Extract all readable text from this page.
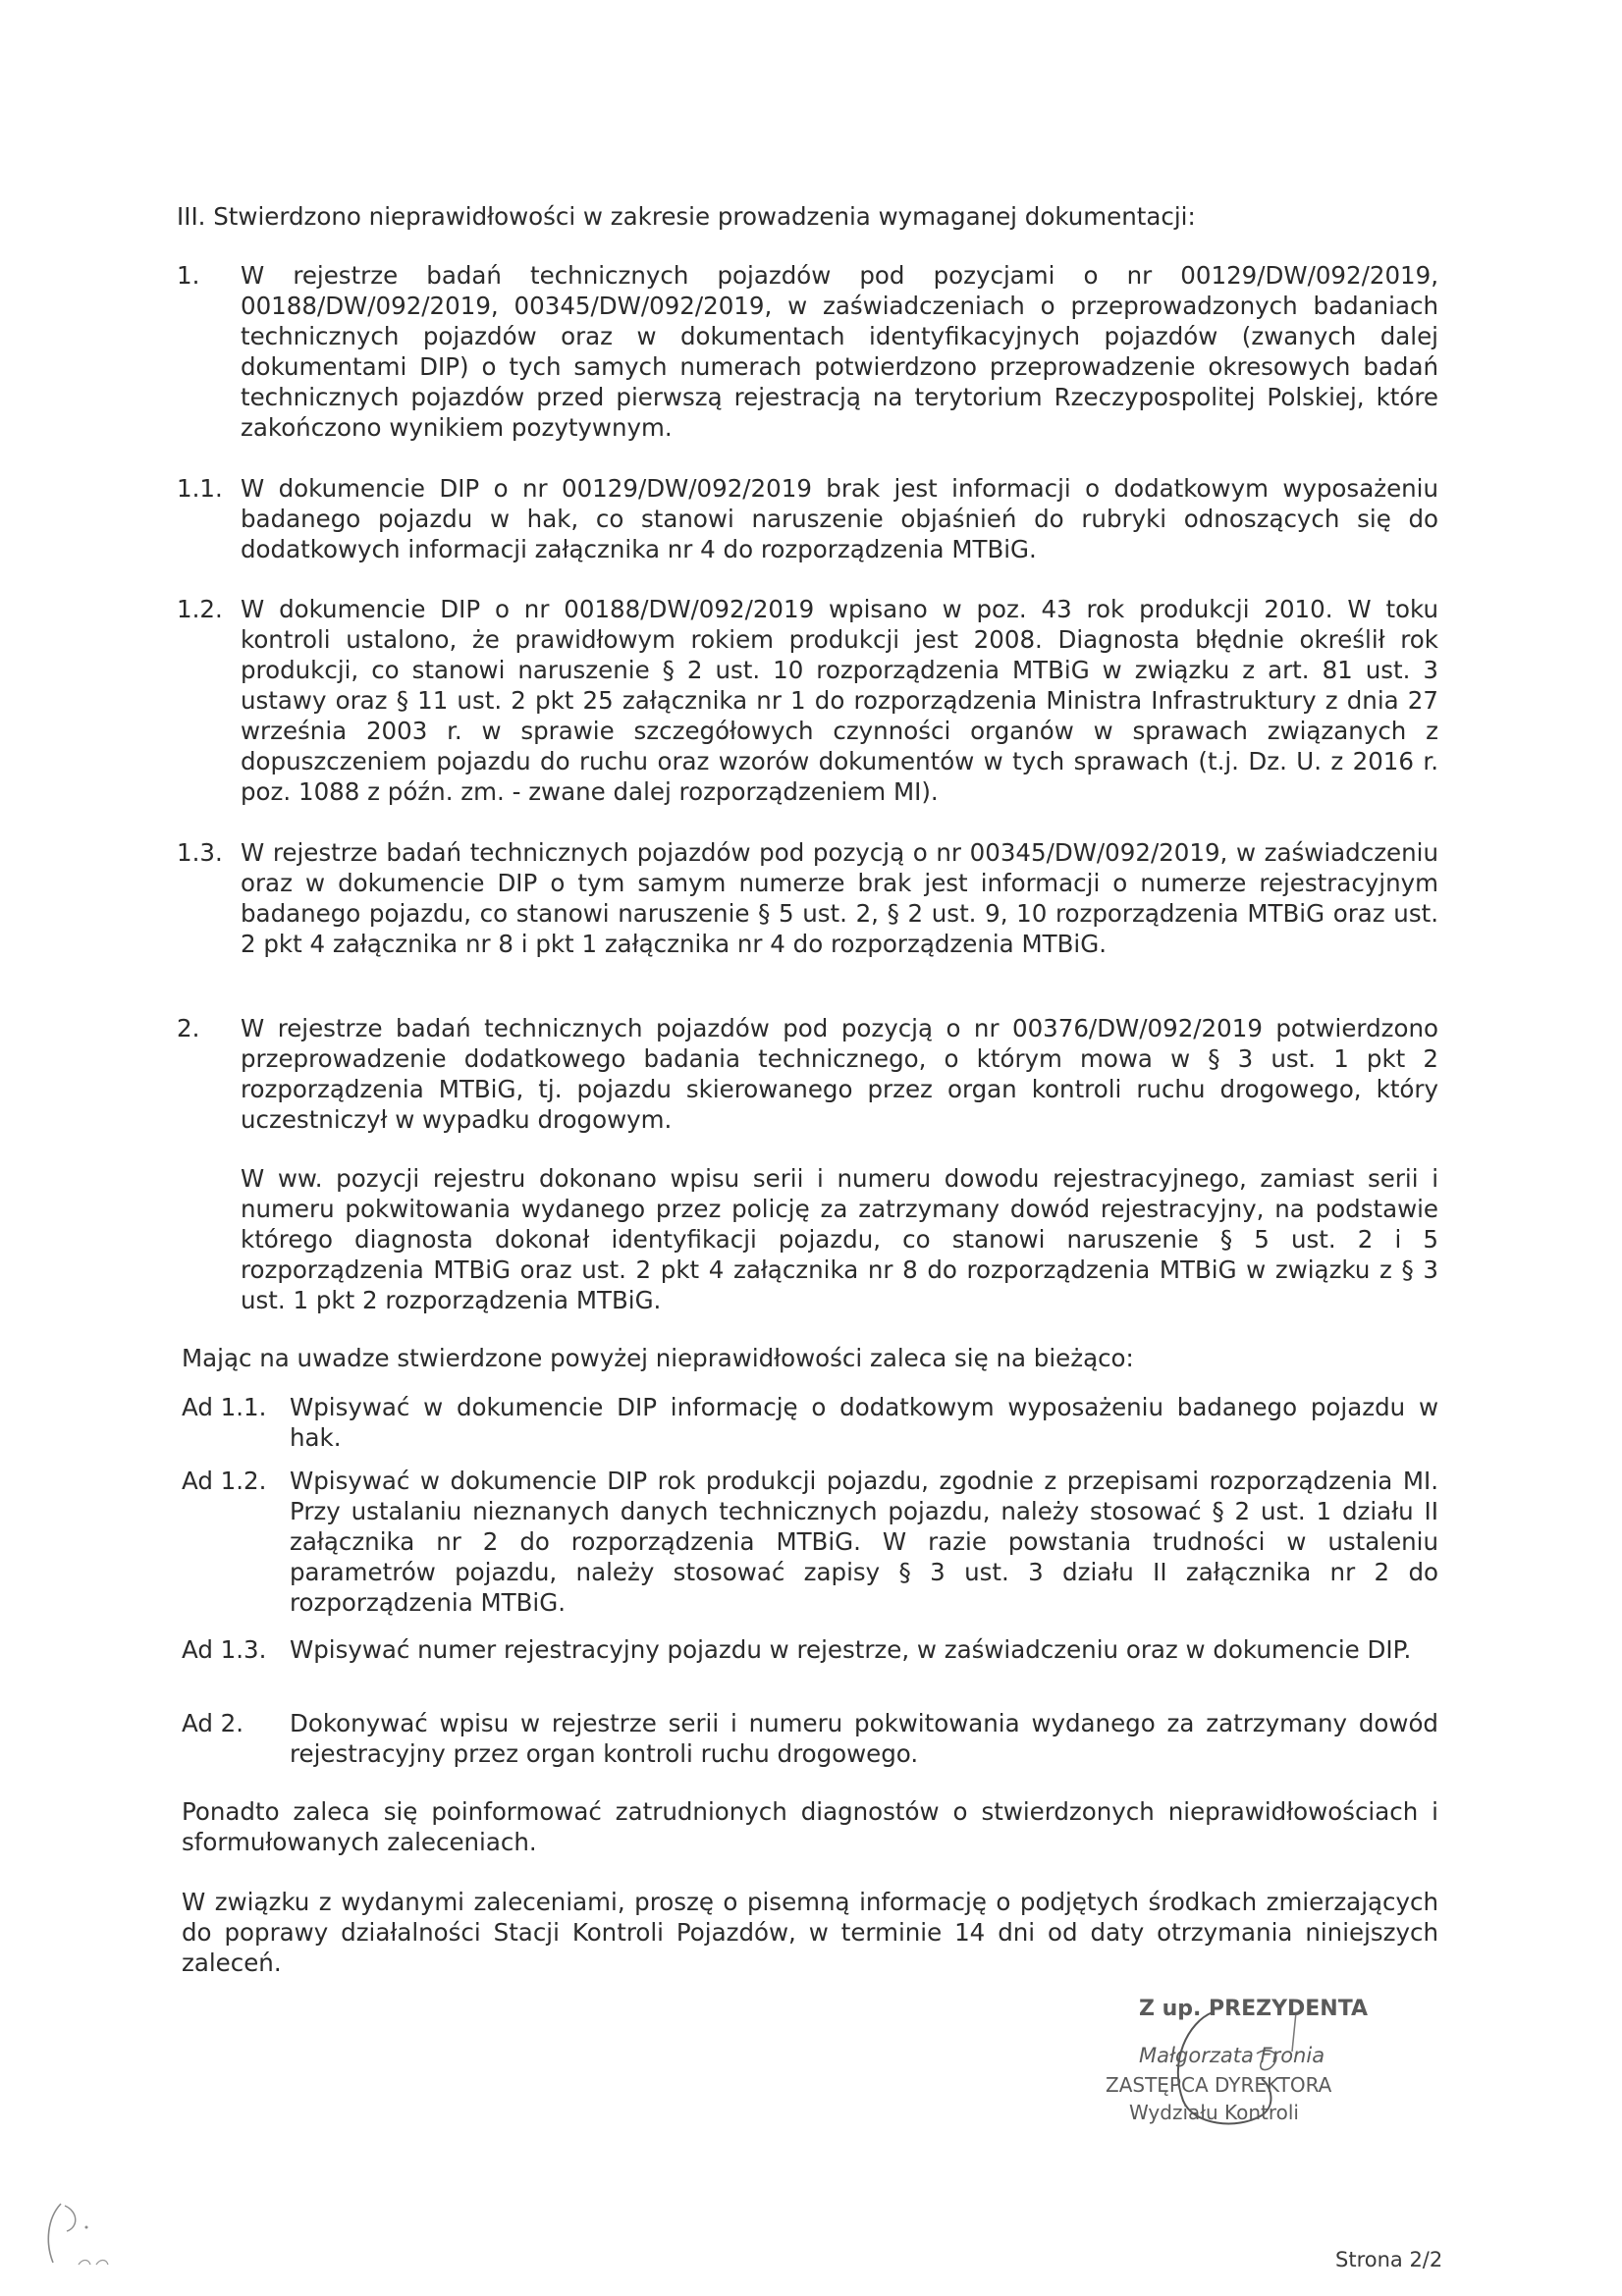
III. Stwierdzono nieprawidłowości w zakresie prowadzenia wymaganej dokumentacji:

1. W rejestrze badań technicznych pojazdów pod pozycjami o nr 00129/DW/092/2019, 00188/DW/092/2019, 00345/DW/092/2019, w zaświadczeniach o przeprowadzonych badaniach technicznych pojazdów oraz w dokumentach identyfikacyjnych pojazdów (zwanych dalej dokumentami DIP) o tych samych numerach potwierdzono przeprowadzenie okresowych badań technicznych pojazdów przed pierwszą rejestracją na terytorium Rzeczypospolitej Polskiej, które zakończono wynikiem pozytywnym.
1.1. W dokumencie DIP o nr 00129/DW/092/2019 brak jest informacji o dodatkowym wyposażeniu badanego pojazdu w hak, co stanowi naruszenie objaśnień do rubryki odnoszących się do dodatkowych informacji załącznika nr 4 do rozporządzenia MTBiG.
1.2. W dokumencie DIP o nr 00188/DW/092/2019 wpisano w poz. 43 rok produkcji 2010. W toku kontroli ustalono, że prawidłowym rokiem produkcji jest 2008. Diagnosta błędnie określił rok produkcji, co stanowi naruszenie § 2 ust. 10 rozporządzenia MTBiG w związku z art. 81 ust. 3 ustawy oraz § 11 ust. 2 pkt 25 załącznika nr 1 do rozporządzenia Ministra Infrastruktury z dnia 27 września 2003 r. w sprawie szczegółowych czynności organów w sprawach związanych z dopuszczeniem pojazdu do ruchu oraz wzorów dokumentów w tych sprawach (t.j. Dz. U. z 2016 r. poz. 1088 z późn. zm. - zwane dalej rozporządzeniem MI).
1.3. W rejestrze badań technicznych pojazdów pod pozycją o nr 00345/DW/092/2019, w zaświadczeniu oraz w dokumencie DIP o tym samym numerze brak jest informacji o numerze rejestracyjnym badanego pojazdu, co stanowi naruszenie § 5 ust. 2, § 2 ust. 9, 10 rozporządzenia MTBiG oraz ust. 2 pkt 4 załącznika nr 8 i pkt 1 załącznika nr 4 do rozporządzenia MTBiG.
2. W rejestrze badań technicznych pojazdów pod pozycją o nr 00376/DW/092/2019 potwierdzono przeprowadzenie dodatkowego badania technicznego, o którym mowa w § 3 ust. 1 pkt 2 rozporządzenia MTBiG, tj. pojazdu skierowanego przez organ kontroli ruchu drogowego, który uczestniczył w wypadku drogowym.
W ww. pozycji rejestru dokonano wpisu serii i numeru dowodu rejestracyjnego, zamiast serii i numeru pokwitowania wydanego przez policję za zatrzymany dowód rejestracyjny, na podstawie którego diagnosta dokonał identyfikacji pojazdu, co stanowi naruszenie § 5 ust. 2 i 5 rozporządzenia MTBiG oraz ust. 2 pkt 4 załącznika nr 8 do rozporządzenia MTBiG w związku z § 3 ust. 1 pkt 2 rozporządzenia MTBiG.

Mając na uwadze stwierdzone powyżej nieprawidłowości zaleca się na bieżąco:

Ad 1.1. Wpisywać w dokumencie DIP informację o dodatkowym wyposażeniu badanego pojazdu w hak.
Ad 1.2. Wpisywać w dokumencie DIP rok produkcji pojazdu, zgodnie z przepisami rozporządzenia MI. Przy ustalaniu nieznanych danych technicznych pojazdu, należy stosować § 2 ust. 1 działu II załącznika nr 2 do rozporządzenia MTBiG. W razie powstania trudności w ustaleniu parametrów pojazdu, należy stosować zapisy § 3 ust. 3 działu II załącznika nr 2 do rozporządzenia MTBiG.
Ad 1.3. Wpisywać numer rejestracyjny pojazdu w rejestrze, w zaświadczeniu oraz w dokumencie DIP.
Ad 2. Dokonywać wpisu w rejestrze serii i numeru pokwitowania wydanego za zatrzymany dowód rejestracyjny przez organ kontroli ruchu drogowego.

Ponadto zaleca się poinformować zatrudnionych diagnostów o stwierdzonych nieprawidłowościach i sformułowanych zaleceniach.

W związku z wydanymi zaleceniami, proszę o pisemną informację o podjętych środkach zmierzających do poprawy działalności Stacji Kontroli Pojazdów, w terminie 14 dni od daty otrzymania niniejszych zaleceń.

Z up. PREZYDENTA
Małgorzata Fronia
ZASTĘPCA DYREKTORA
Wydziału Kontroli
Strona 2/2
